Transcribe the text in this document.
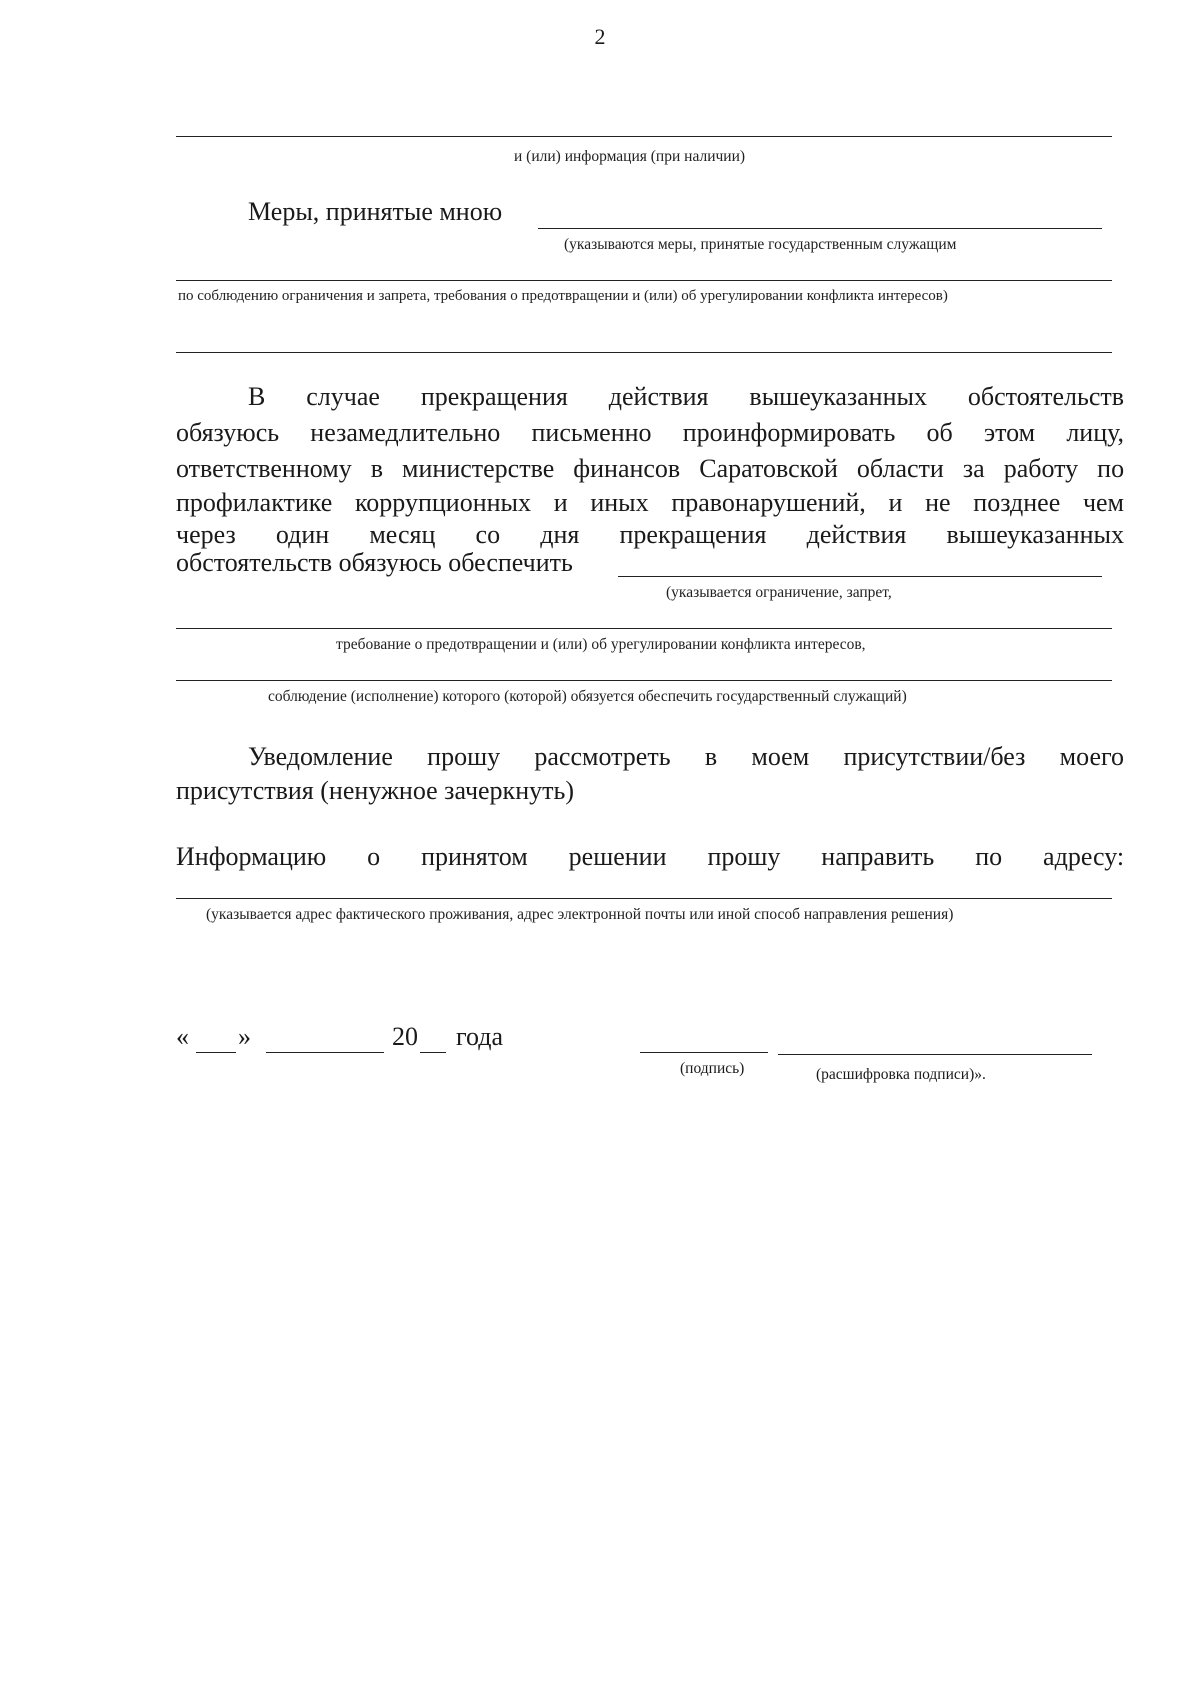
2
и (или) информация (при наличии)
Меры, принятые мною
(указываются меры, принятые государственным служащим
по соблюдению ограничения и запрета, требования о предотвращении и (или) об урегулировании конфликта интересов)
В случае прекращения действия вышеуказанных обстоятельств
обязуюсь незамедлительно письменно проинформировать об этом лицу,
ответственному в министерстве финансов Саратовской области за работу по
профилактике коррупционных и иных правонарушений, и не позднее чем
через один месяц со дня прекращения действия вышеуказанных
обстоятельств обязуюсь обеспечить
(указывается ограничение, запрет,
требование о предотвращении и (или) об урегулировании конфликта интересов,
соблюдение (исполнение) которого (которой) обязуется обеспечить государственный служащий)
Уведомление прошу рассмотреть в моем присутствии/без моего
присутствия (ненужное зачеркнуть)
Информацию о принятом решении прошу направить по адресу:
(указывается адрес фактического проживания, адрес электронной почты или иной способ направления решения)
« »	20 года
(подпись)	(расшифровка подписи)».
